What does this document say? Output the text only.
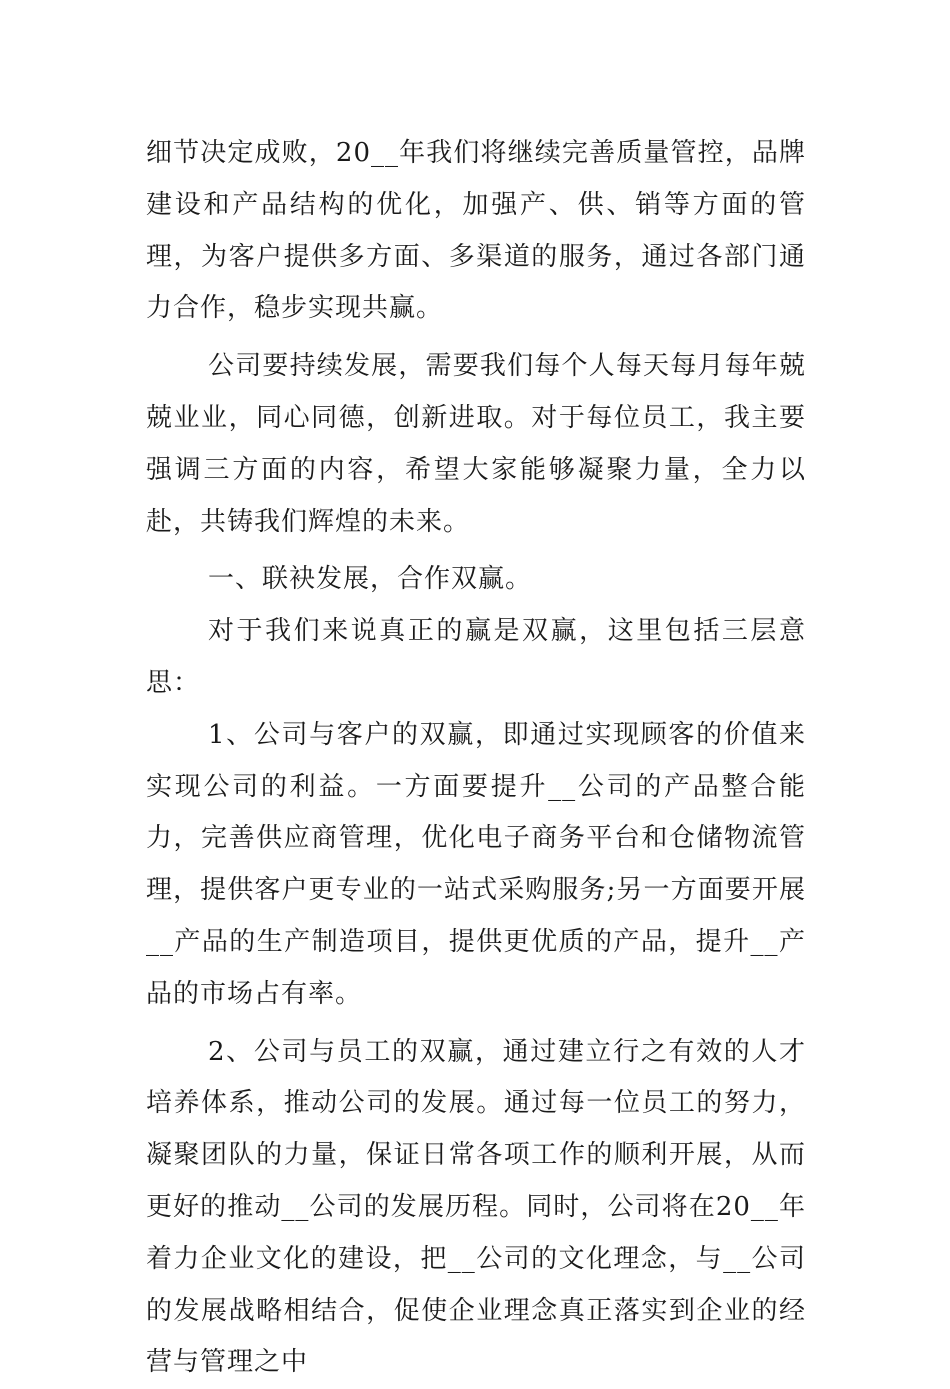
细节决定成败，20__年我们将继续完善质量管控，品牌建设和产品结构的优化，加强产、供、销等方面的管理，为客户提供多方面、多渠道的服务，通过各部门通力合作，稳步实现共赢。

公司要持续发展，需要我们每个人每天每月每年兢兢业业，同心同德，创新进取。对于每位员工，我主要强调三方面的内容，希望大家能够凝聚力量，全力以赴，共铸我们辉煌的未来。

一、联袂发展，合作双赢。

对于我们来说真正的赢是双赢，这里包括三层意思：

1、公司与客户的双赢，即通过实现顾客的价值来实现公司的利益。一方面要提升__公司的产品整合能力，完善供应商管理，优化电子商务平台和仓储物流管理，提供客户更专业的一站式采购服务;另一方面要开展__产品的生产制造项目，提供更优质的产品，提升__产品的市场占有率。

2、公司与员工的双赢，通过建立行之有效的人才培养体系，推动公司的发展。通过每一位员工的努力，凝聚团队的力量，保证日常各项工作的顺利开展，从而更好的推动__公司的发展历程。同时，公司将在20__年着力企业文化的建设，把__公司的文化理念，与__公司的发展战略相结合，促使企业理念真正落实到企业的经营与管理之中
